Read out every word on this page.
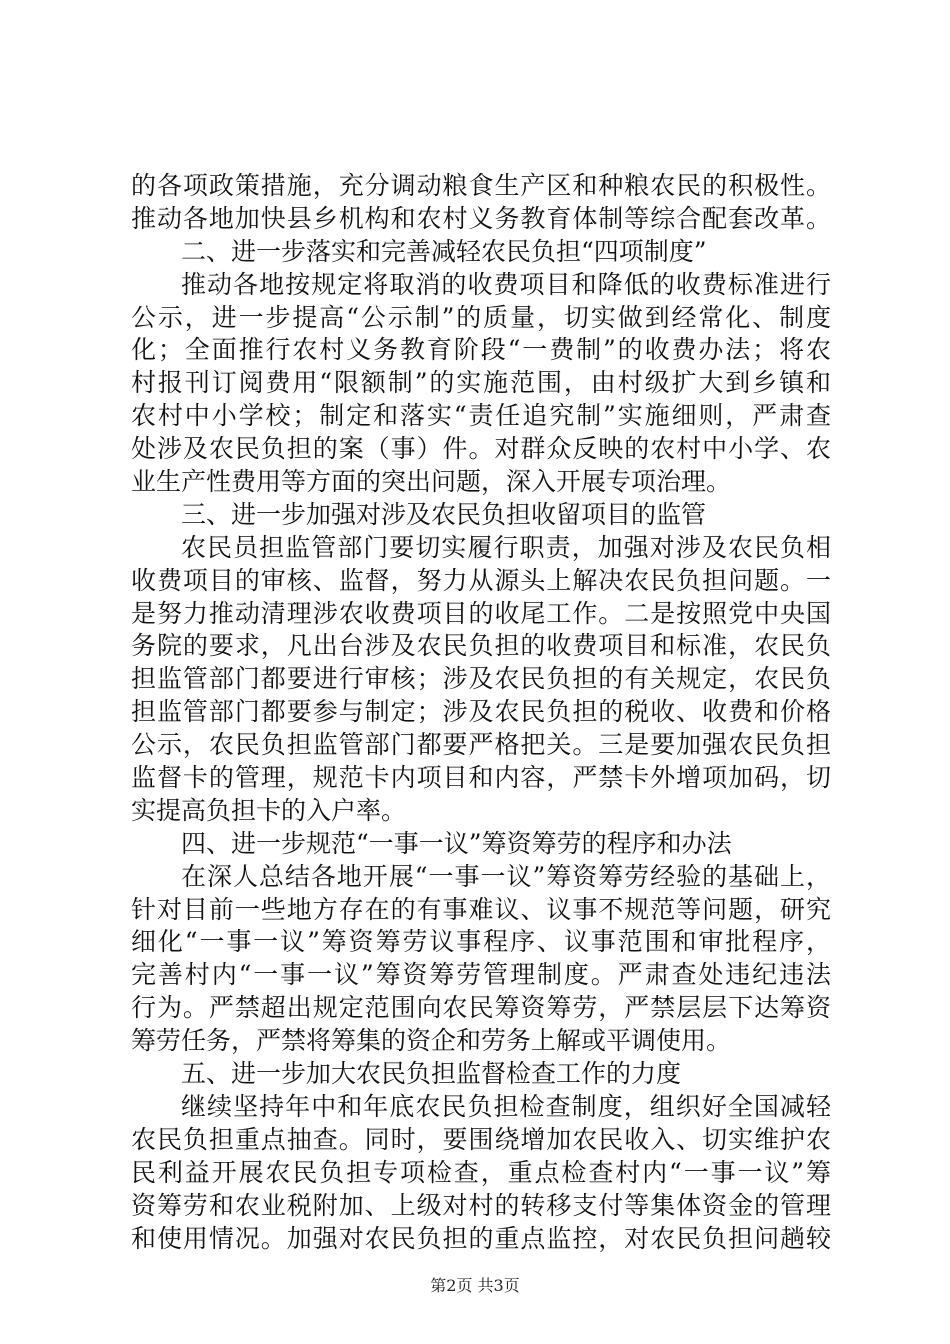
的各项政策措施，充分调动粮食生产区和种粮农民的积极性。
推动各地加快县乡机构和农村义务教育体制等综合配套改革。
二、进一步落实和完善减轻农民负担“四项制度”
推动各地按规定将取消的收费项目和降低的收费标准进行
公示，进一步提高“公示制”的质量，切实做到经常化、制度
化；全面推行农村义务教育阶段“一费制”的收费办法；将农
村报刊订阅费用“限额制”的实施范围，由村级扩大到乡镇和
农村中小学校；制定和落实“责任追究制”实施细则，严肃查
处涉及农民负担的案（事）件。对群众反映的农村中小学、农
业生产性费用等方面的突出问题，深入开展专项治理。
三、进一步加强对涉及农民负担收留项目的监管
农民员担监管部门要切实履行职责，加强对涉及农民负相
收费项目的审核、监督，努力从源头上解决农民负担问题。一
是努力推动清理涉农收费项目的收尾工作。二是按照党中央国
务院的要求，凡出台涉及农民负担的收费项目和标准，农民负
担监管部门都要进行审核；涉及农民负担的有关规定，农民负
担监管部门都要参与制定；涉及农民负担的税收、收费和价格
公示，农民负担监管部门都要严格把关。三是要加强农民负担
监督卡的管理，规范卡内项目和内容，严禁卡外增项加码，切
实提高负担卡的入户率。
四、进一步规范“一事一议”筹资筹劳的程序和办法
在深人总结各地开展“一事一议”筹资筹劳经验的基础上，
针对目前一些地方存在的有事难议、议事不规范等问题，研究
细化“一事一议”筹资筹劳议事程序、议事范围和审批程序，
完善村内“一事一议”筹资筹劳管理制度。严肃查处违纪违法
行为。严禁超出规定范围向农民筹资筹劳，严禁层层下达筹资
筹劳任务，严禁将筹集的资企和劳务上解或平调使用。
五、进一步加大农民负担监督检查工作的力度
继续坚持年中和年底农民负担检查制度，组织好全国减轻
农民负担重点抽查。同时，要围绕增加农民收入、切实维护农
民利益开展农民负担专项检查，重点检查村内“一事一议”筹
资筹劳和农业税附加、上级对村的转移支付等集体资金的管理
和使用情况。加强对农民负担的重点监控，对农民负担问趟较
第2页 共3页
